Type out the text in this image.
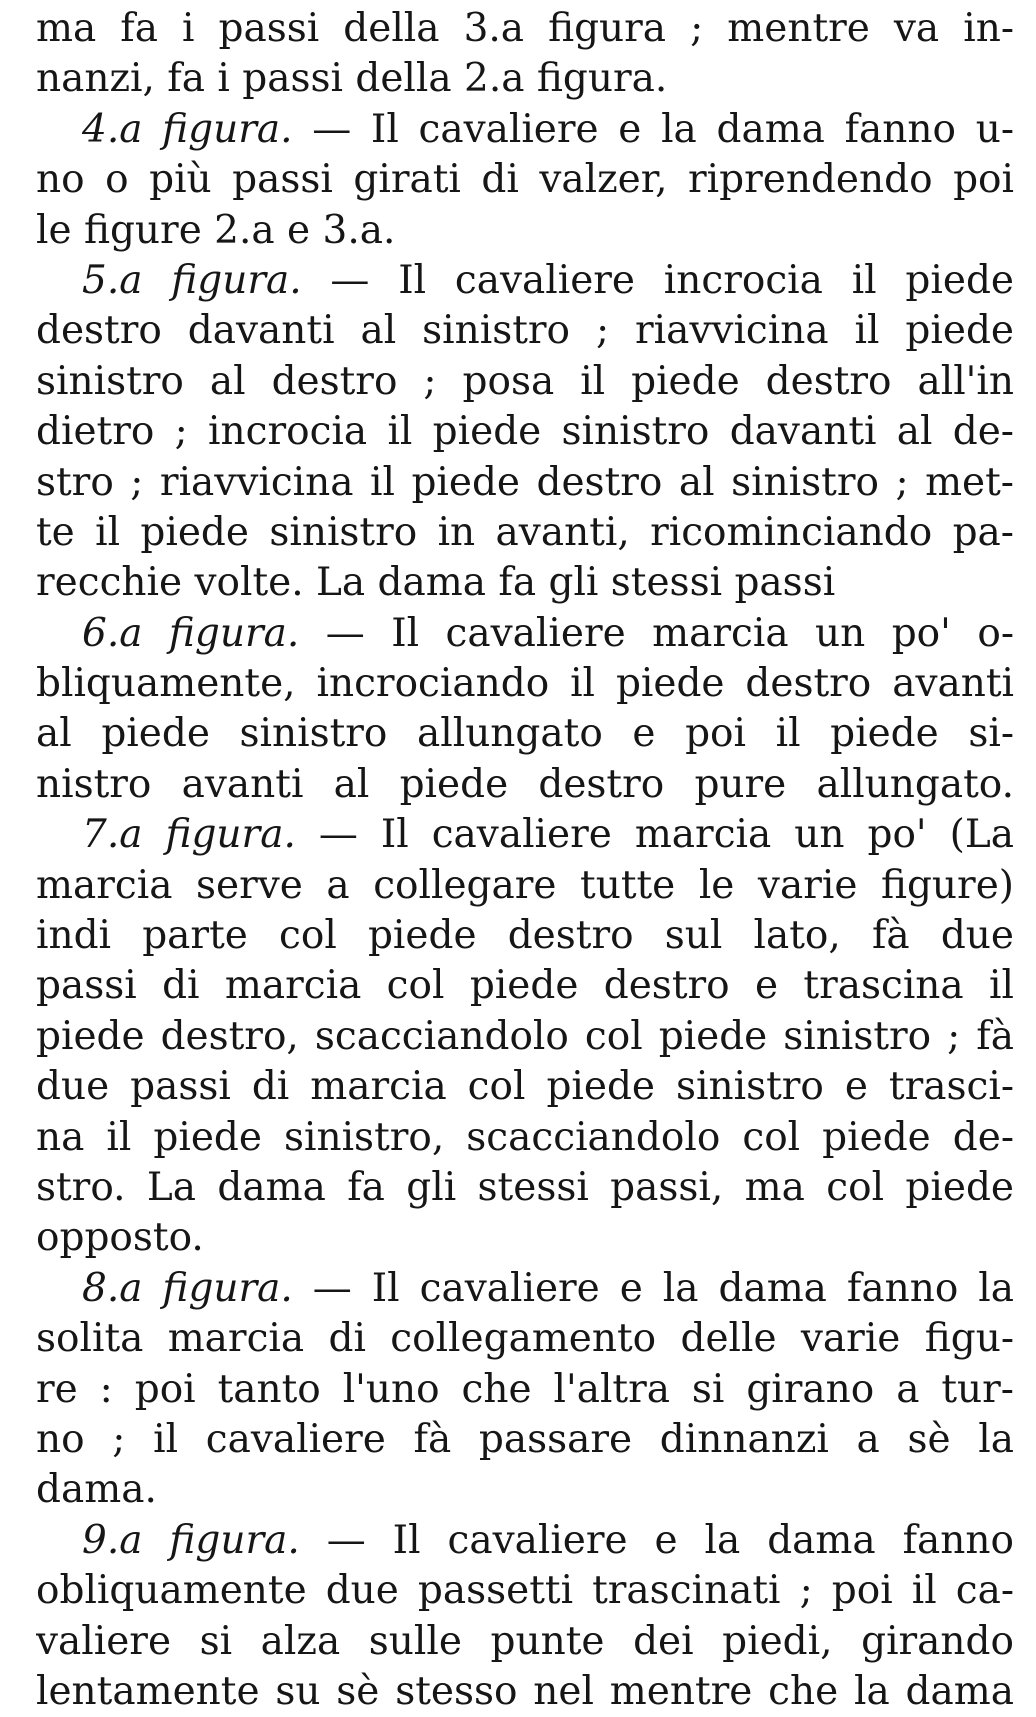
ma fa i passi della 3.a figura ; mentre va in-
nanzi, fa i passi della 2.a figura.
4.a figura. — Il cavaliere e la dama fanno u-
no o più passi girati di valzer, riprendendo poi
le figure 2.a e 3.a.
5.a figura. — Il cavaliere incrocia il piede
destro davanti al sinistro ; riavvicina il piede
sinistro al destro ; posa il piede destro all'in
dietro ; incrocia il piede sinistro davanti al de-
stro ; riavvicina il piede destro al sinistro ; met-
te il piede sinistro in avanti, ricominciando pa-
recchie volte. La dama fa gli stessi passi
6.a figura. — Il cavaliere marcia un po' o-
bliquamente, incrociando il piede destro avanti
al piede sinistro allungato e poi il piede si-
nistro avanti al piede destro pure allungato.
7.a figura. — Il cavaliere marcia un po' (La
marcia serve a collegare tutte le varie figure)
indi parte col piede destro sul lato, fà due
passi di marcia col piede destro e trascina il
piede destro, scacciandolo col piede sinistro ; fà
due passi di marcia col piede sinistro e trasci-
na il piede sinistro, scacciandolo col piede de-
stro. La dama fa gli stessi passi, ma col piede
opposto.
8.a figura. — Il cavaliere e la dama fanno la
solita marcia di collegamento delle varie figu-
re : poi tanto l'uno che l'altra si girano a tur-
no ; il cavaliere fà passare dinnanzi a sè la
dama.
9.a figura. — Il cavaliere e la dama fanno
obliquamente due passetti trascinati ; poi il ca-
valiere si alza sulle punte dei piedi, girando
lentamente su sè stesso nel mentre che la dama
